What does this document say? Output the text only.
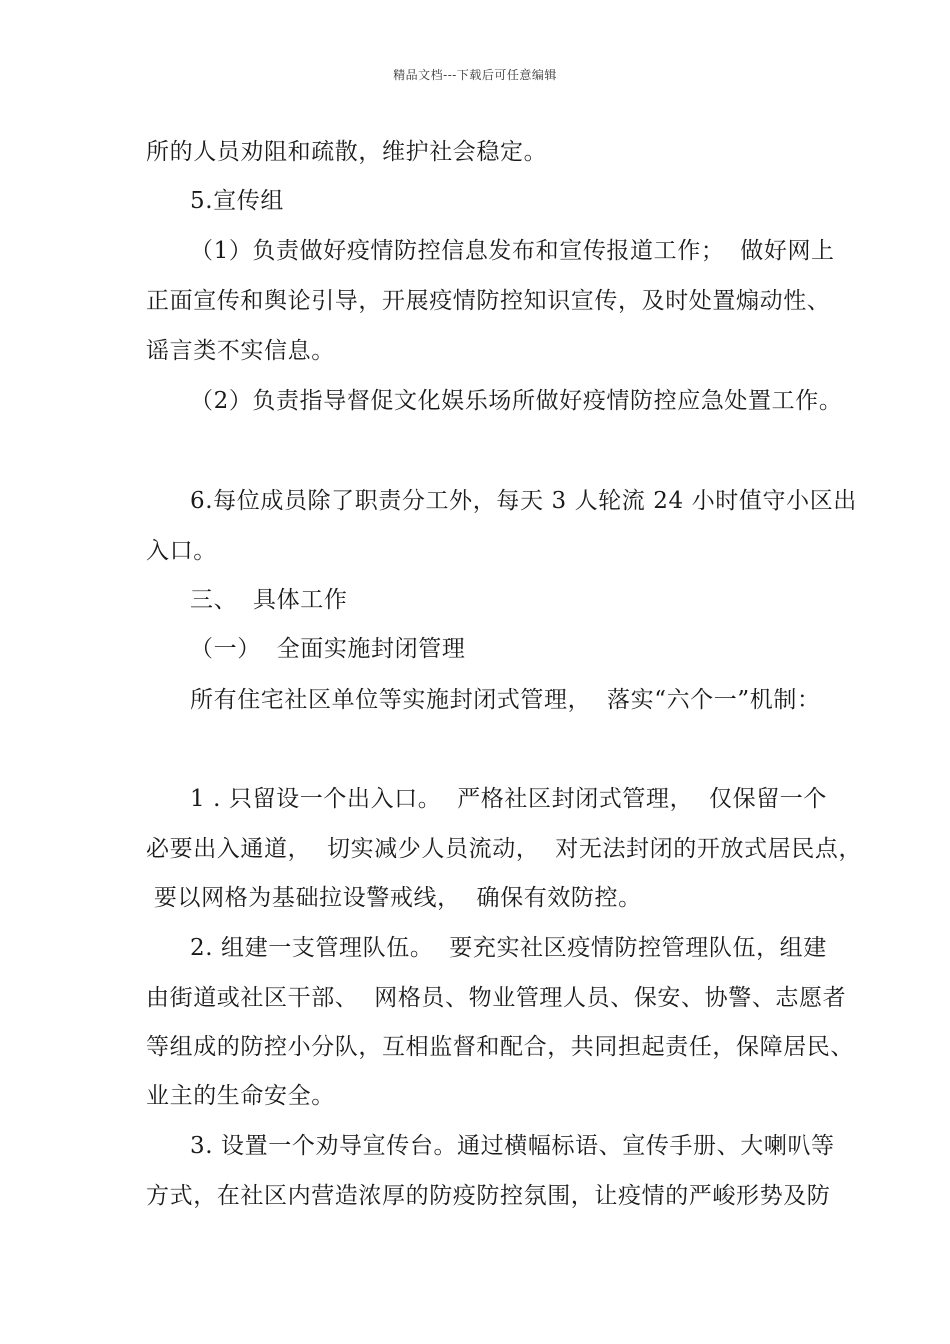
精品文档---下载后可任意编辑
所的人员劝阻和疏散，维护社会稳定。
5.宣传组
（1）负责做好疫情防控信息发布和宣传报道工作；  做好网上
正面宣传和舆论引导，开展疫情防控知识宣传，及时处置煽动性、
谣言类不实信息。
（2）负责指导督促文化娱乐场所做好疫情防控应急处置工作。
6.每位成员除了职责分工外，每天 3 人轮流 24 小时值守小区出
入口。
三、  具体工作
（一）  全面实施封闭管理
所有住宅社区单位等实施封闭式管理，  落实“六个一”机制：
1 . 只留设一个出入口。  严格社区封闭式管理，  仅保留一个
必要出入通道，  切实减少人员流动，  对无法封闭的开放式居民点，
要以网格为基础拉设警戒线，  确保有效防控。
2. 组建一支管理队伍。  要充实社区疫情防控管理队伍，组建
由街道或社区干部、  网格员、物业管理人员、保安、协警、志愿者
等组成的防控小分队，互相监督和配合，共同担起责任，保障居民、
业主的生命安全。
3. 设置一个劝导宣传台。通过横幅标语、宣传手册、大喇叭等
方式，在社区内营造浓厚的防疫防控氛围，让疫情的严峻形势及防
